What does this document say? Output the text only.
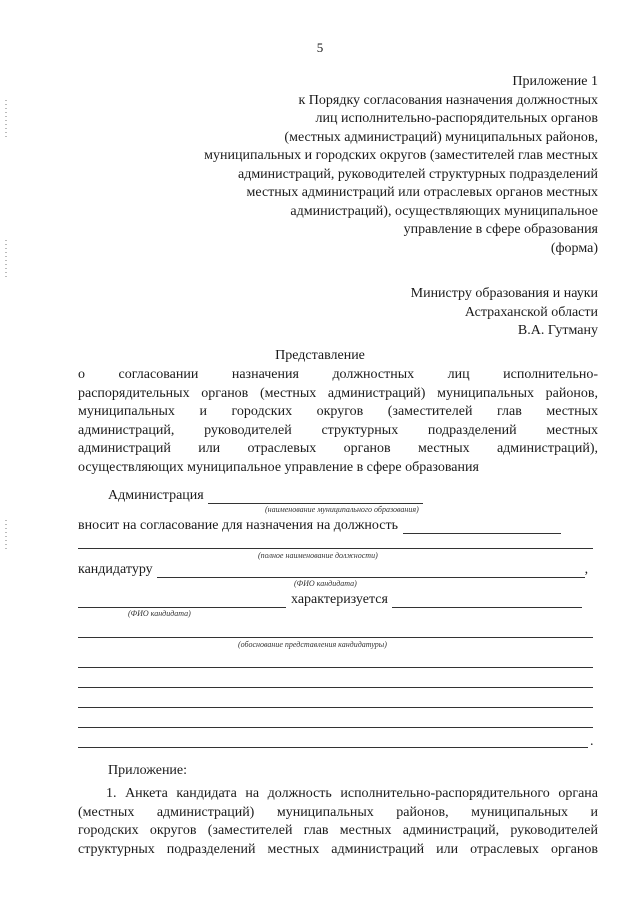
5
Приложение 1
к Порядку согласования назначения должностных
лиц исполнительно-распорядительных органов
(местных администраций) муниципальных районов,
муниципальных и городских округов (заместителей глав местных
администраций, руководителей структурных подразделений
местных администраций или отраслевых органов местных
администраций), осуществляющих муниципальное
управление в сфере образования
(форма)
Министру образования и науки
Астраханской области
В.А. Гутману
Представление
о согласовании назначения должностных лиц исполнительно-
распорядительных органов (местных администраций) муниципальных районов,
муниципальных и городских округов (заместителей глав местных
администраций, руководителей структурных подразделений местных
администраций или отраслевых органов местных администраций),
осуществляющих муниципальное управление в сфере образования
Администрация
(наименование муниципального образования)
вносит на согласование для назначения на должность
(полное наименование должности)
кандидатуру	,
(ФИО кандидата)
характеризуется
(ФИО кандидата)
(обоснование представления кандидатуры)
.
Приложение:
1. Анкета кандидата на должность исполнительно-распорядительного органа
(местных администраций) муниципальных районов, муниципальных и
городских округов (заместителей глав местных администраций, руководителей
структурных подразделений местных администраций или отраслевых органов
